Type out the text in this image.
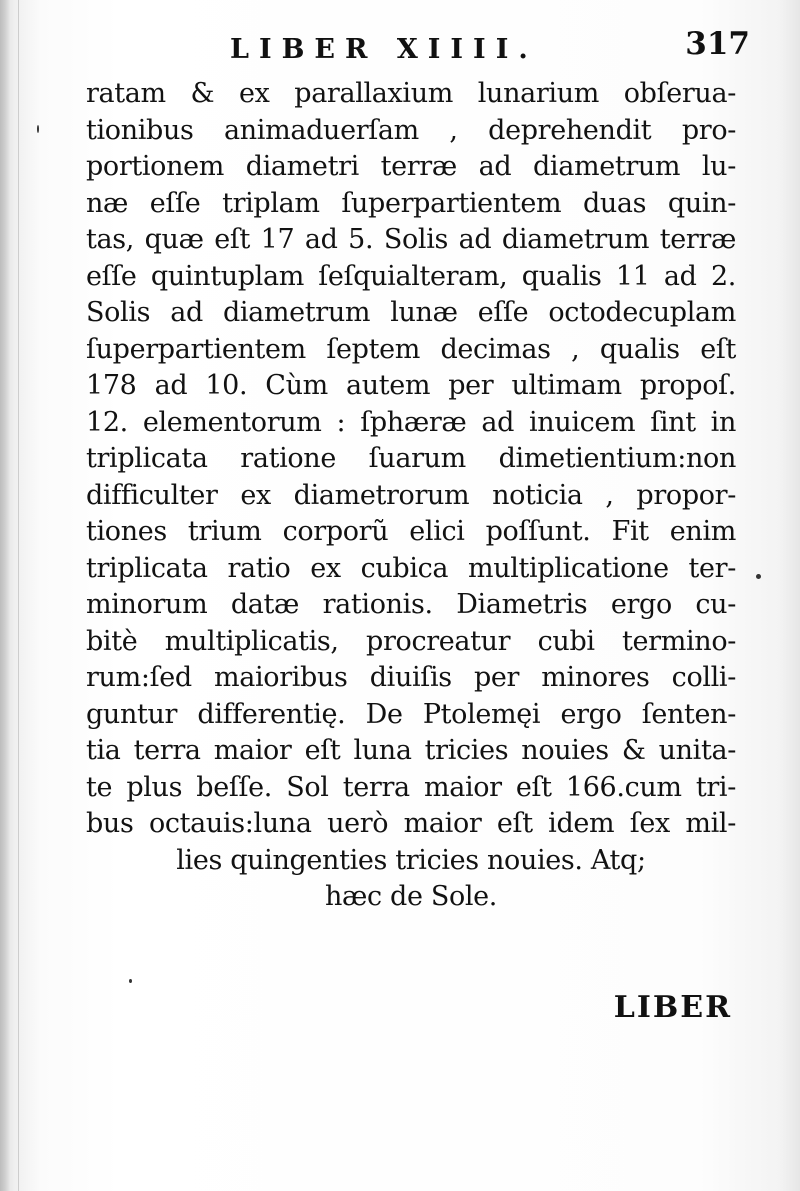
LIBER XIIII.	317
ratam & ex parallaxium lunarium obſerua-
tionibus animaduerſam , deprehendit pro-
portionem diametri terræ ad diametrum lu-
næ eſſe triplam ſuperpartientem duas quin-
tas, quæ eſt 17 ad 5. Solis ad diametrum terræ
eſſe quintuplam ſeſquialteram, qualis 11 ad 2.
Solis ad diametrum lunæ eſſe octodecuplam
ſuperpartientem ſeptem decimas , qualis eſt
178 ad 10. Cùm autem per ultimam propoſ.
12. elementorum : ſphæræ ad inuicem ſint in
triplicata ratione ſuarum dimetientium:non
difficulter ex diametrorum noticia , propor-
tiones trium corporũ elici poſſunt. Fit enim
triplicata ratio ex cubica multiplicatione ter-
minorum datæ rationis. Diametris ergo cu-
bitè multiplicatis, procreatur cubi termino-
rum:ſed maioribus diuiſis per minores colli-
guntur differentię. De Ptolemęi ergo ſenten-
tia terra maior eſt luna tricies nouies & unita-
te plus beſſe. Sol terra maior eſt 166.cum tri-
bus octauis:luna uerò maior eſt idem ſex mil-
lies quingenties tricies nouies. Atq;
hæc de Sole.
LIBER
